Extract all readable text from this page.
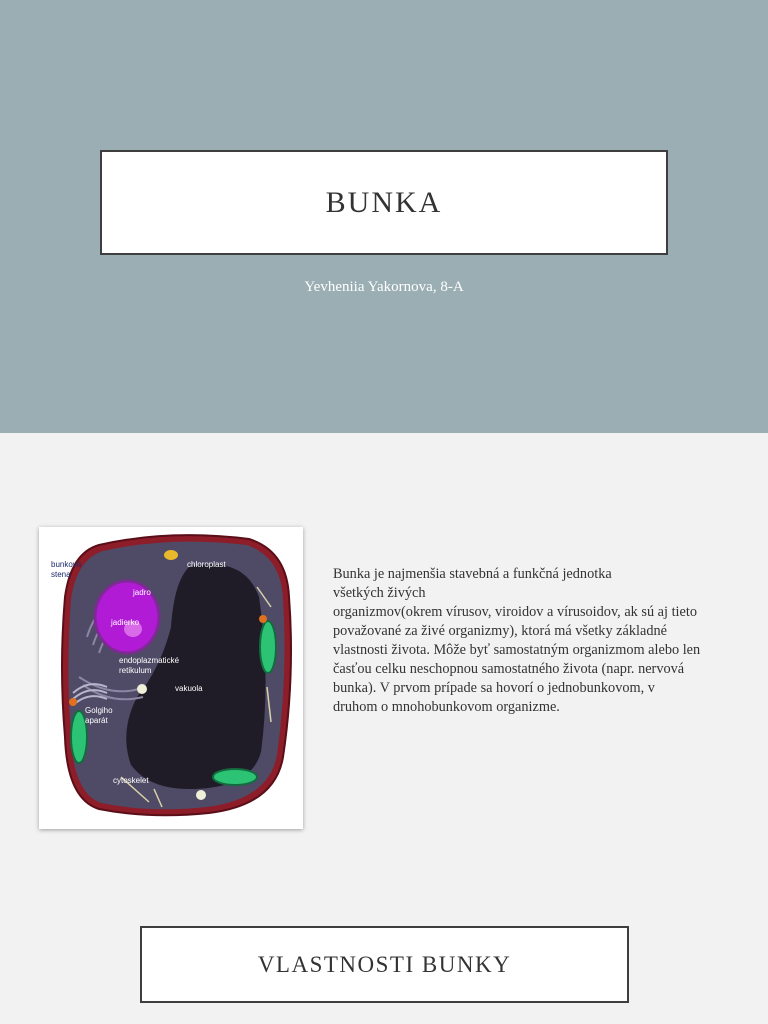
BUNKA
Yevheniia Yakornova, 8-A
bunková
stena
chloroplast
jadro
jadierko
endoplazmatické
retikulum
vakuola
Golgiho
aparát
cytoskelet
Bunka je najmenšia stavebná a funkčná jednotka
všetkých živých
organizmov(okrem vírusov, viroidov a vírusoidov, ak sú aj tieto
považované za živé organizmy), ktorá má všetky základné
vlastnosti života. Môže byť samostatným organizmom alebo len
časťou celku neschopnou samostatného života (napr. nervová
bunka). V prvom prípade sa hovorí o jednobunkovom, v
druhom o mnohobunkovom organizme.
VLASTNOSTI BUNKY
